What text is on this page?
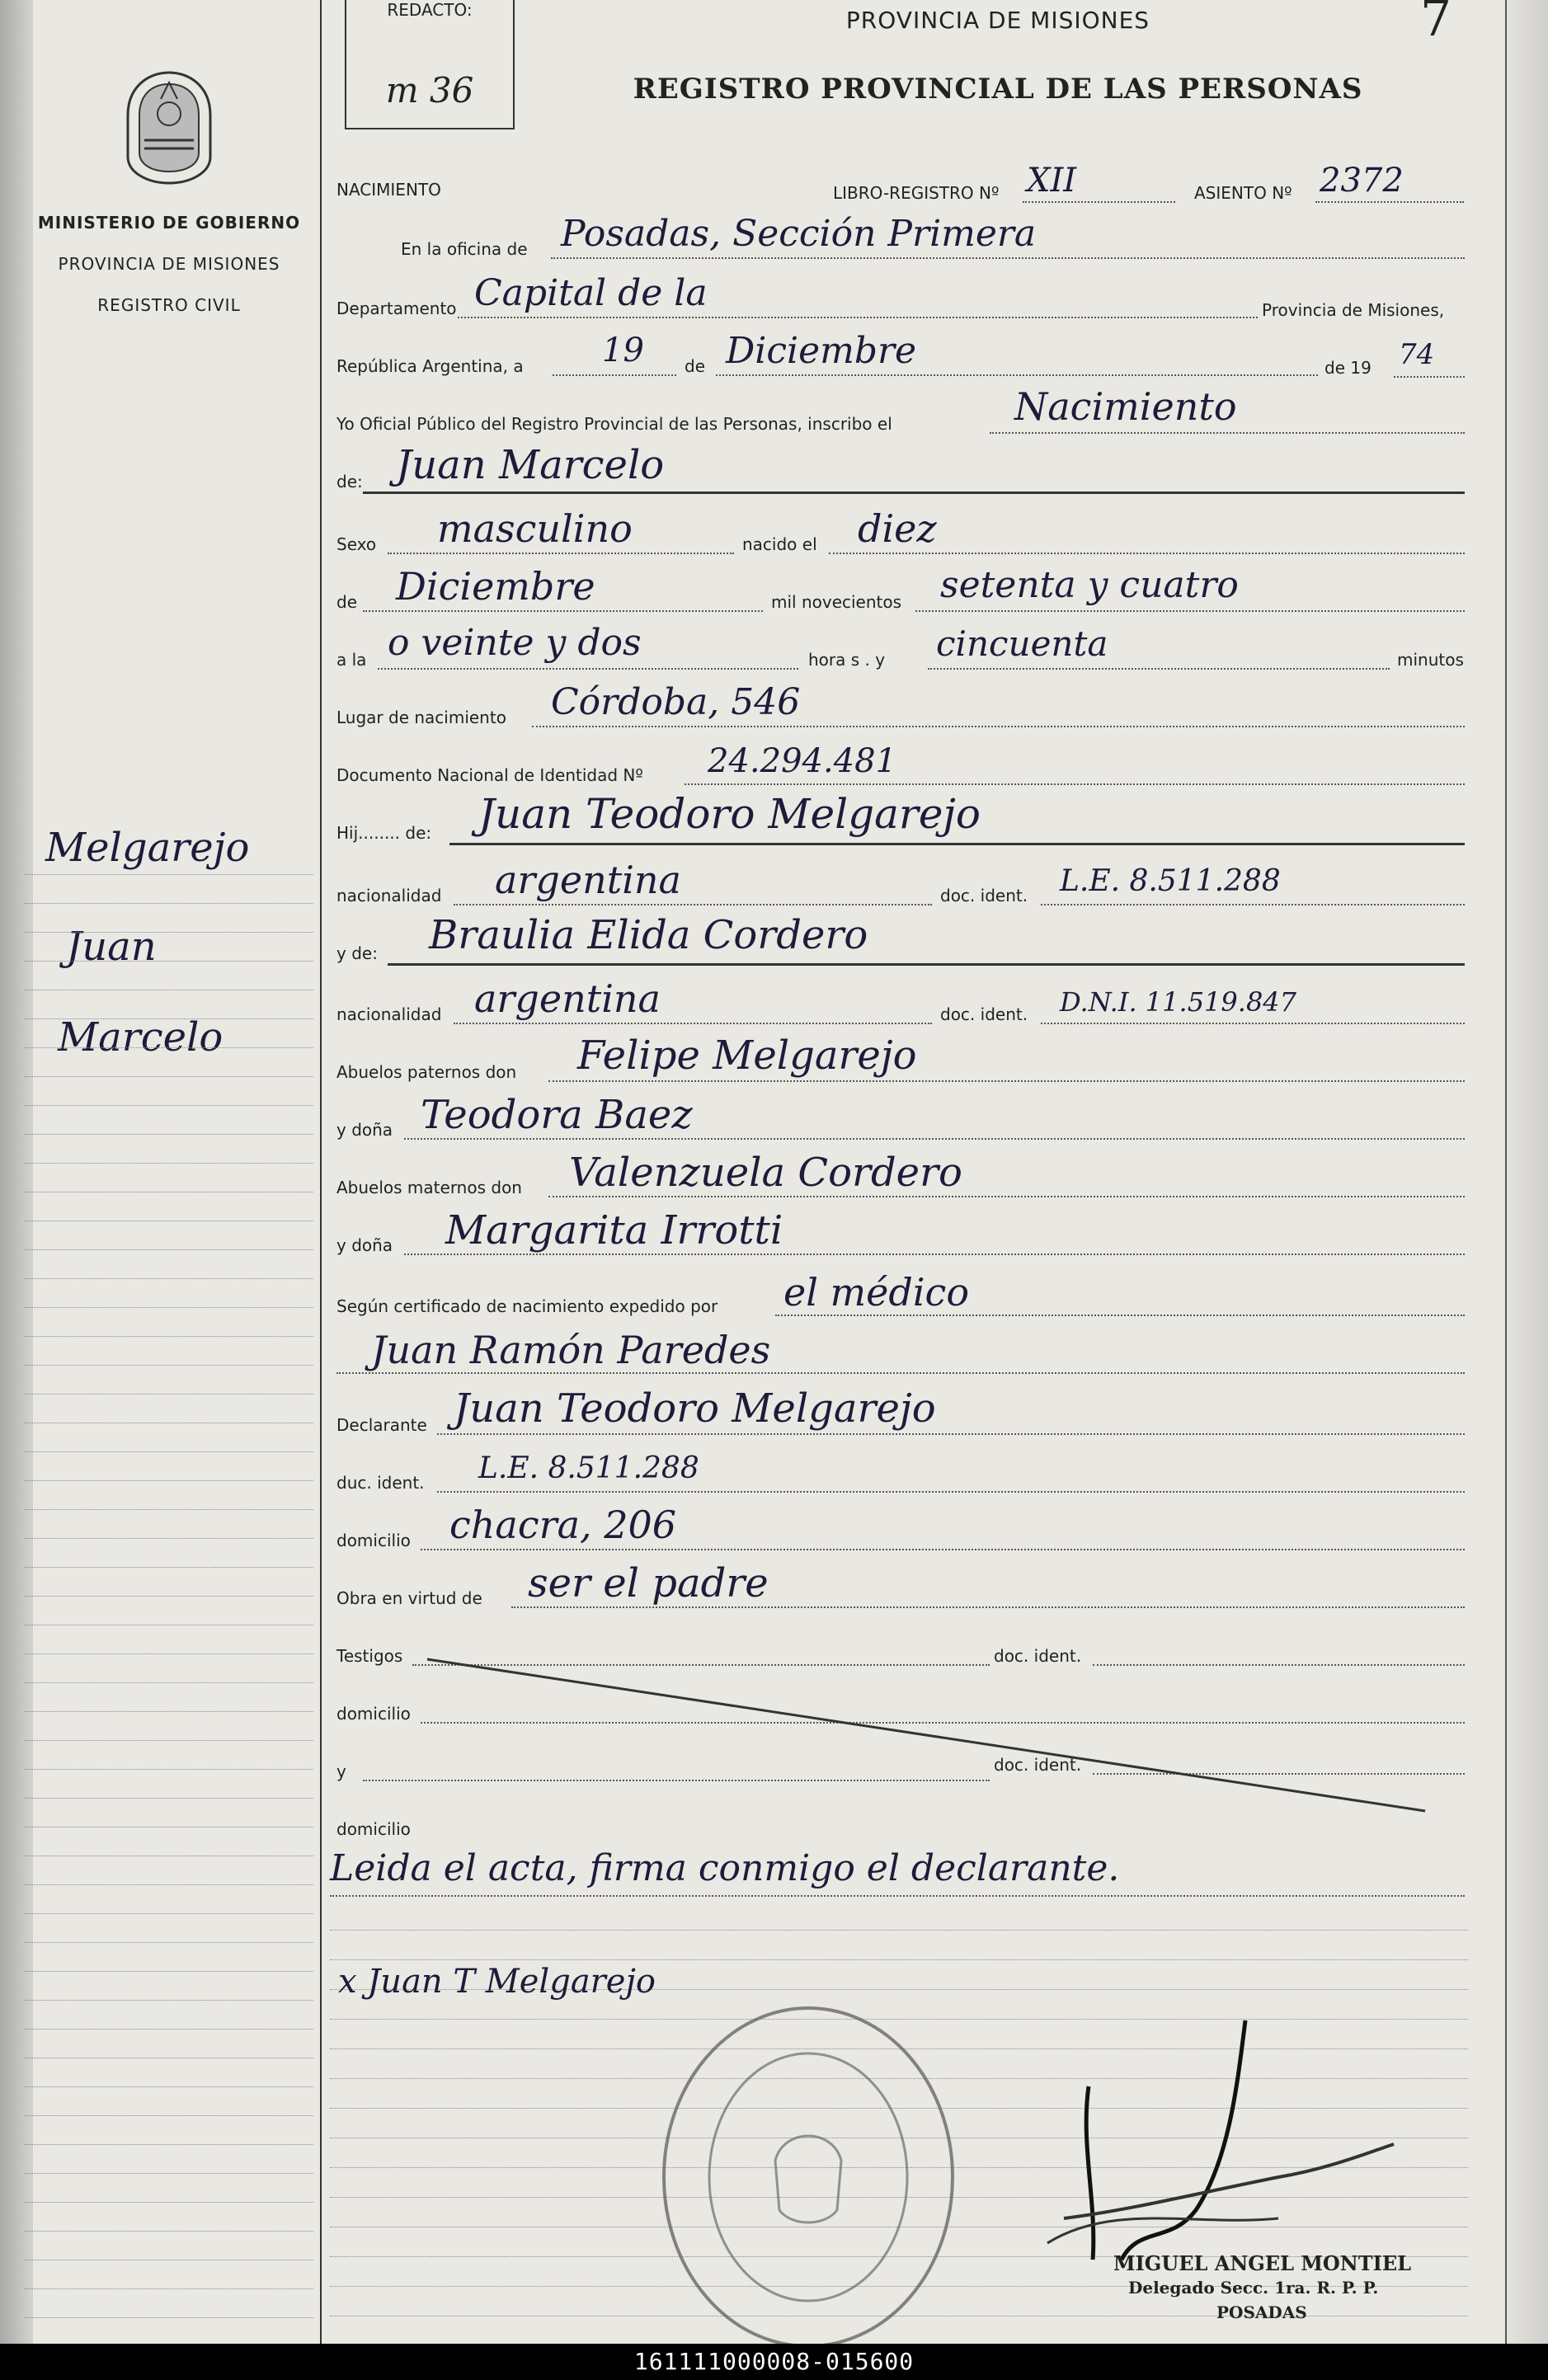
7
MINISTERIO DE GOBIERNO
PROVINCIA DE MISIONES
REGISTRO CIVIL
REDACTO:
m 36
PROVINCIA DE MISIONES
REGISTRO PROVINCIAL DE LAS PERSONAS
Melgarejo
Juan
Marcelo
NACIMIENTO	LIBRO-REGISTRO Nº XII	ASIENTO Nº 2372
En la oficina de Posadas, Sección Primera
Departamento Capital de la	Provincia de Misiones,
República Argentina, a 19 de Diciembre	de 19 74
Yo Oficial Público del Registro Provincial de las Personas, inscribo el	Nacimiento
de: Juan Marcelo
Sexo masculino	nacido el diez
de Diciembre	mil novecientos setenta y cuatro
a la o veinte y dos	hora s . y cincuenta	minutos
Lugar de nacimiento Córdoba, 546
Documento Nacional de Identidad Nº 24.294.481
Hij........ de: Juan Teodoro Melgarejo
nacionalidad argentina	doc. ident. L.E. 8.511.288
y de: Braulia Elida Cordero
nacionalidad argentina	doc. ident. D.N.I. 11.519.847
Abuelos paternos don Felipe Melgarejo
y doña Teodora Baez
Abuelos maternos don Valenzuela Cordero
y doña Margarita Irrotti
Según certificado de nacimiento expedido por el médico
Juan Ramón Paredes
Declarante Juan Teodoro Melgarejo
duc. ident. L.E. 8.511.288
domicilio chacra, 206
Obra en virtud de ser el padre
Testigos	doc. ident.
domicilio
y	doc. ident.
domicilio
Leida el acta, firma conmigo el declarante.
x Juan T Melgarejo
MIGUEL ANGEL MONTIEL
Delegado Secc. 1ra. R. P. P.
POSADAS
161111000008-015600
